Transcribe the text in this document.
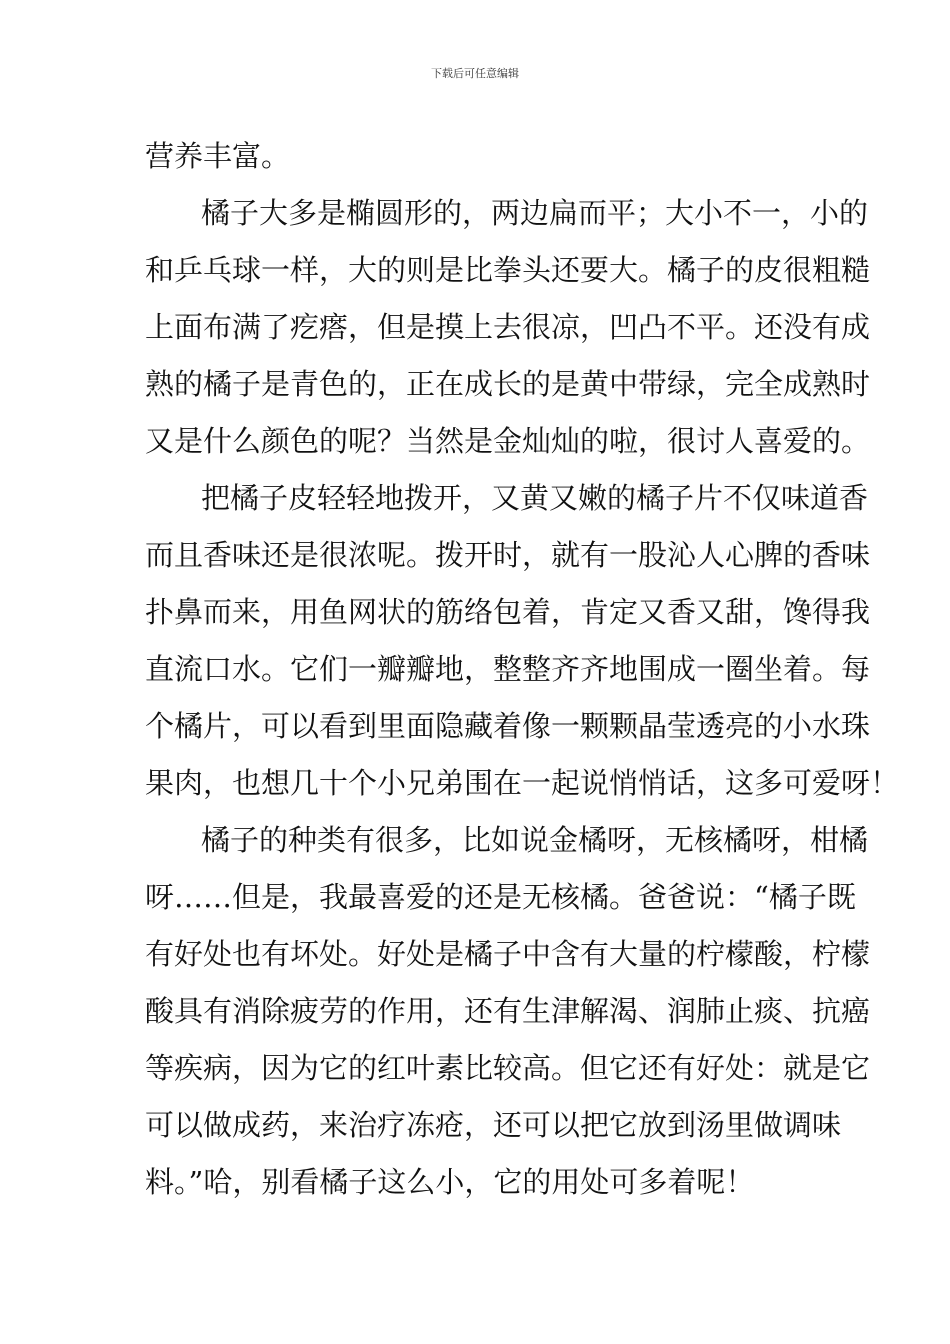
下载后可任意编辑
营养丰富。
橘子大多是椭圆形的，两边扁而平；大小不一，小的
和乒乓球一样，大的则是比拳头还要大。橘子的皮很粗糙
上面布满了疙瘩，但是摸上去很凉，凹凸不平。还没有成
熟的橘子是青色的，正在成长的是黄中带绿，完全成熟时
又是什么颜色的呢？当然是金灿灿的啦，很讨人喜爱的。
把橘子皮轻轻地拨开，又黄又嫩的橘子片不仅味道香
而且香味还是很浓呢。拨开时，就有一股沁人心脾的香味
扑鼻而来，用鱼网状的筋络包着，肯定又香又甜，馋得我
直流口水。它们一瓣瓣地，整整齐齐地围成一圈坐着。每
个橘片，可以看到里面隐藏着像一颗颗晶莹透亮的小水珠
果肉，也想几十个小兄弟围在一起说悄悄话，这多可爱呀！
橘子的种类有很多，比如说金橘呀，无核橘呀，柑橘
呀……但是，我最喜爱的还是无核橘。爸爸说：“橘子既
有好处也有坏处。好处是橘子中含有大量的柠檬酸，柠檬
酸具有消除疲劳的作用，还有生津解渴、润肺止痰、抗癌
等疾病，因为它的红叶素比较高。但它还有好处：就是它
可以做成药，来治疗冻疮，还可以把它放到汤里做调味
料。”哈，别看橘子这么小，它的用处可多着呢！
